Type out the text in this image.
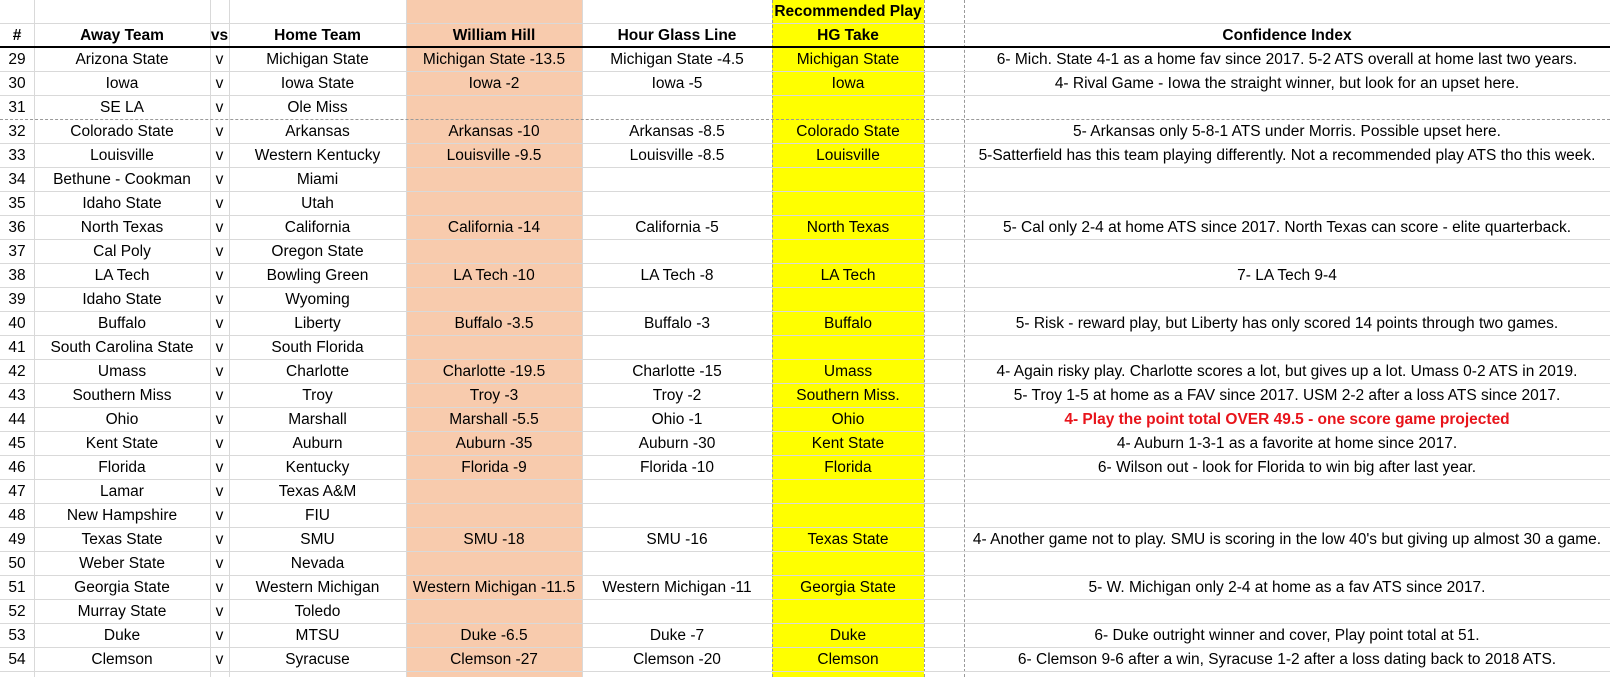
Recommended Play
#	Away Team	vs	Home Team	William Hill	Hour Glass Line	HG Take	Confidence Index
29	Arizona State	v	Michigan State	Michigan State -13.5	Michigan State -4.5	Michigan State	6- Mich. State 4-1 as a home fav since 2017. 5-2 ATS overall at home last two years.
30	Iowa	v	Iowa State	Iowa -2	Iowa -5	Iowa	4- Rival Game - Iowa the straight winner, but look for an upset here.
31	SE LA	v	Ole Miss
32	Colorado State	v	Arkansas	Arkansas -10	Arkansas -8.5	Colorado State	5- Arkansas only 5-8-1 ATS under Morris. Possible upset here.
33	Louisville	v	Western Kentucky	Louisville -9.5	Louisville -8.5	Louisville	5-Satterfield has this team playing differently. Not a recommended play ATS tho this week.
34	Bethune - Cookman	v	Miami
35	Idaho State	v	Utah
36	North Texas	v	California	California -14	California -5	North Texas	5- Cal only 2-4 at home ATS since 2017. North Texas can score - elite quarterback.
37	Cal Poly	v	Oregon State
38	LA Tech	v	Bowling Green	LA Tech -10	LA Tech -8	LA Tech	7- LA Tech 9-4
39	Idaho State	v	Wyoming
40	Buffalo	v	Liberty	Buffalo -3.5	Buffalo -3	Buffalo	5- Risk - reward play, but Liberty has only scored 14 points through two games.
41	South Carolina State	v	South Florida
42	Umass	v	Charlotte	Charlotte -19.5	Charlotte -15	Umass	4- Again risky play. Charlotte scores a lot, but gives up a lot. Umass 0-2 ATS in 2019.
43	Southern Miss	v	Troy	Troy -3	Troy -2	Southern Miss.	5- Troy 1-5 at home as a FAV since 2017. USM 2-2 after a loss ATS since 2017.
44	Ohio	v	Marshall	Marshall -5.5	Ohio -1	Ohio	4- Play the point total OVER 49.5 - one score game projected
45	Kent State	v	Auburn	Auburn -35	Auburn -30	Kent State	4- Auburn 1-3-1 as a favorite at home since 2017.
46	Florida	v	Kentucky	Florida -9	Florida -10	Florida	6- Wilson out - look for Florida to win big after last year.
47	Lamar	v	Texas A&M
48	New Hampshire	v	FIU
49	Texas State	v	SMU	SMU -18	SMU -16	Texas State	4- Another game not to play. SMU is scoring in the low 40's but giving up almost 30 a game.
50	Weber State	v	Nevada
51	Georgia State	v	Western Michigan	Western Michigan -11.5	Western Michigan -11	Georgia State	5- W. Michigan only 2-4 at home as a fav ATS since 2017.
52	Murray State	v	Toledo
53	Duke	v	MTSU	Duke -6.5	Duke -7	Duke	6- Duke outright winner and cover, Play point total at 51.
54	Clemson	v	Syracuse	Clemson -27	Clemson -20	Clemson	6- Clemson 9-6 after a win, Syracuse 1-2 after a loss dating back to 2018 ATS.
